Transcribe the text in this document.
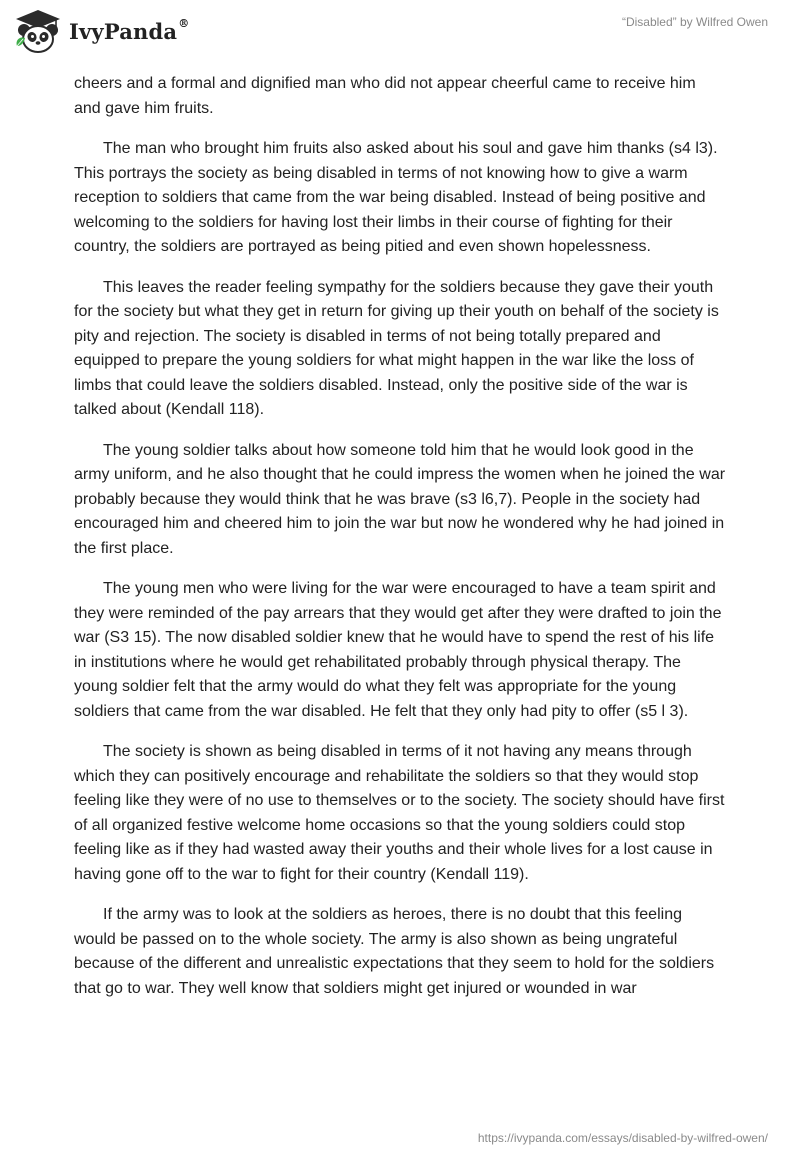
IvyPanda®	“Disabled” by Wilfred Owen

cheers and a formal and dignified man who did not appear cheerful came to receive him and gave him fruits.

The man who brought him fruits also asked about his soul and gave him thanks (s4 l3). This portrays the society as being disabled in terms of not knowing how to give a warm reception to soldiers that came from the war being disabled. Instead of being positive and welcoming to the soldiers for having lost their limbs in their course of fighting for their country, the soldiers are portrayed as being pitied and even shown hopelessness.

This leaves the reader feeling sympathy for the soldiers because they gave their youth for the society but what they get in return for giving up their youth on behalf of the society is pity and rejection. The society is disabled in terms of not being totally prepared and equipped to prepare the young soldiers for what might happen in the war like the loss of limbs that could leave the soldiers disabled. Instead, only the positive side of the war is talked about (Kendall 118).

The young soldier talks about how someone told him that he would look good in the army uniform, and he also thought that he could impress the women when he joined the war probably because they would think that he was brave (s3 l6,7). People in the society had encouraged him and cheered him to join the war but now he wondered why he had joined in the first place.

The young men who were living for the war were encouraged to have a team spirit and they were reminded of the pay arrears that they would get after they were drafted to join the war (S3 15). The now disabled soldier knew that he would have to spend the rest of his life in institutions where he would get rehabilitated probably through physical therapy. The young soldier felt that the army would do what they felt was appropriate for the young soldiers that came from the war disabled. He felt that they only had pity to offer (s5 l 3).

The society is shown as being disabled in terms of it not having any means through which they can positively encourage and rehabilitate the soldiers so that they would stop feeling like they were of no use to themselves or to the society. The society should have first of all organized festive welcome home occasions so that the young soldiers could stop feeling like as if they had wasted away their youths and their whole lives for a lost cause in having gone off to the war to fight for their country (Kendall 119).

If the army was to look at the soldiers as heroes, there is no doubt that this feeling would be passed on to the whole society. The army is also shown as being ungrateful because of the different and unrealistic expectations that they seem to hold for the soldiers that go to war. They well know that soldiers might get injured or wounded in war

https://ivypanda.com/essays/disabled-by-wilfred-owen/
